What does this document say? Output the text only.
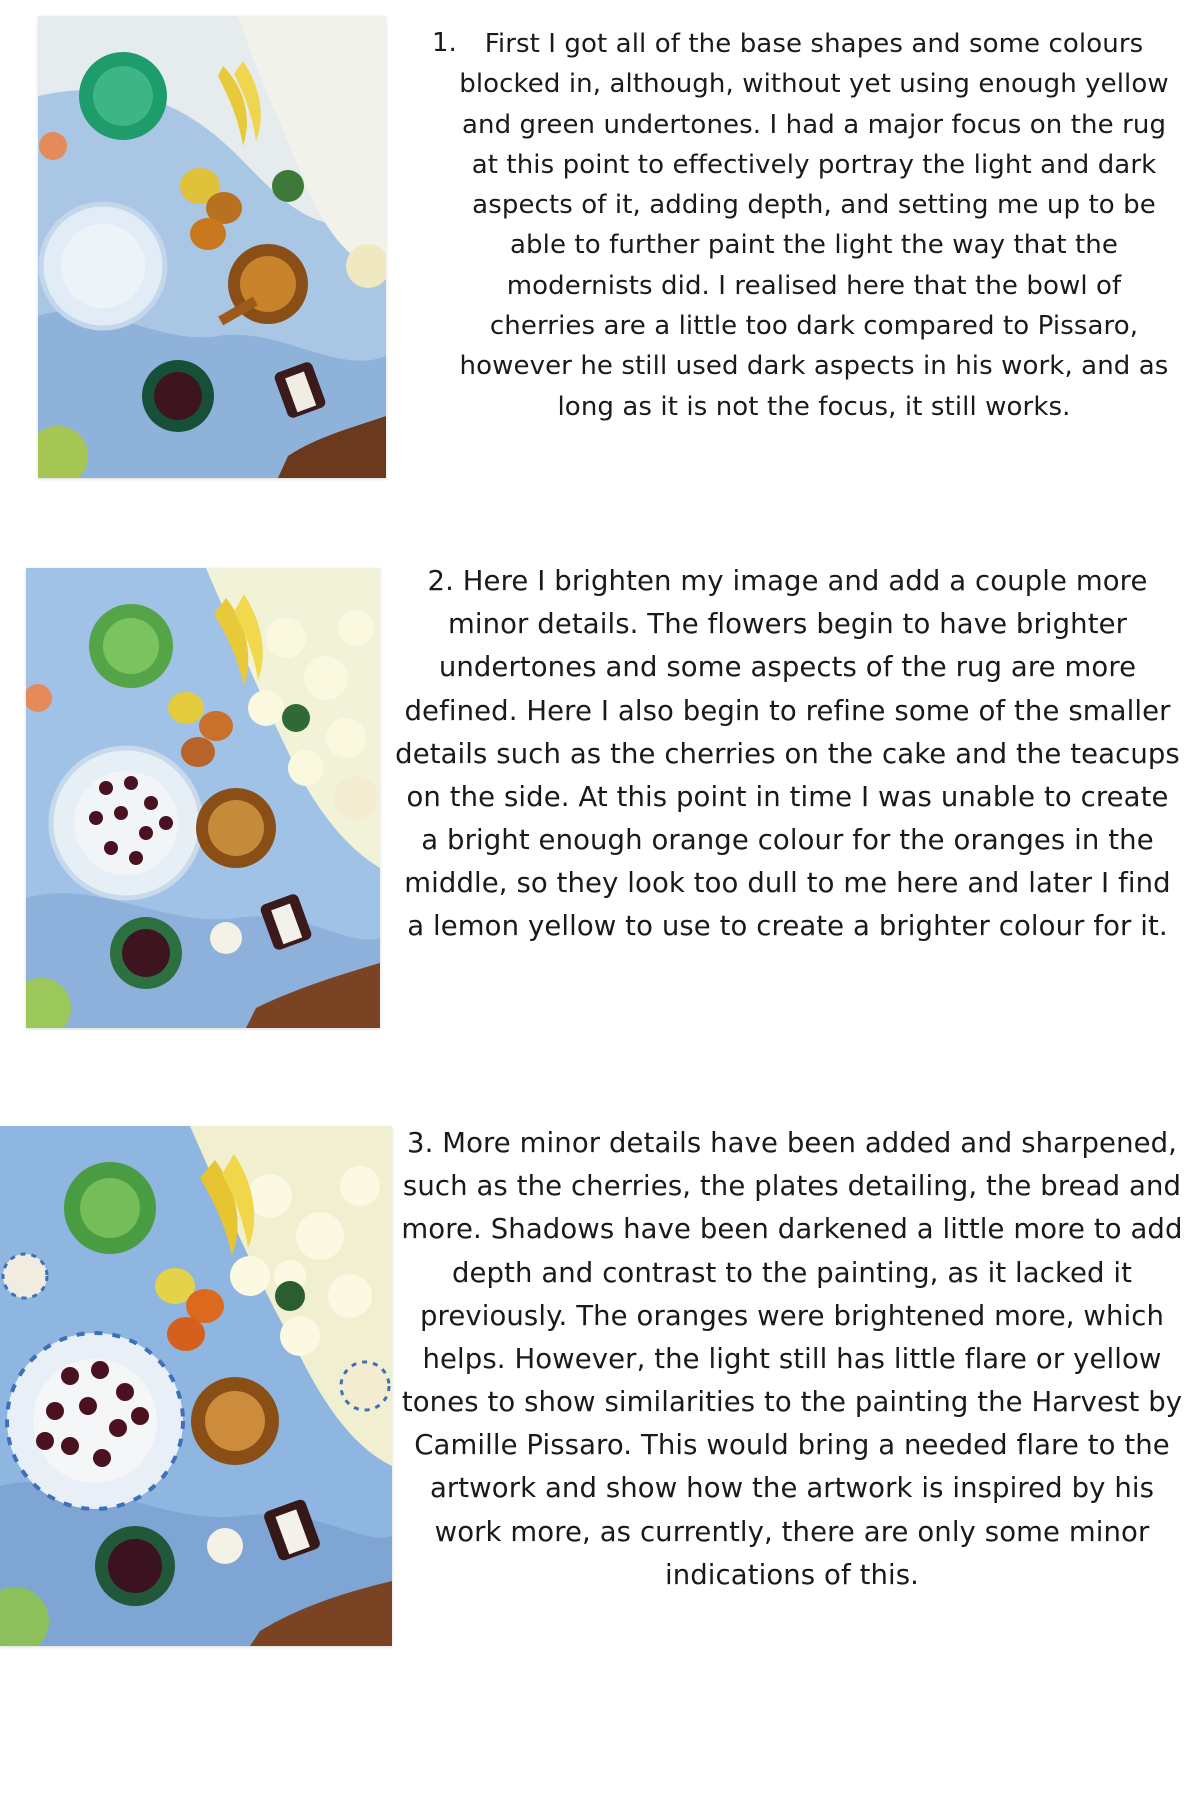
1.	First I got all of the base shapes and some colours blocked in, although, without yet using enough yellow and green undertones. I had a major focus on the rug at this point to effectively portray the light and dark aspects of it, adding depth, and setting me up to be able to further paint the light the way that the modernists did. I realised here that the bowl of cherries are a little too dark compared to Pissaro, however he still used dark aspects in his work, and as long as it is not the focus, it still works.

2. Here I brighten my image and add a couple more minor details. The flowers begin to have brighter undertones and some aspects of the rug are more defined. Here I also begin to refine some of the smaller details such as the cherries on the cake and the teacups on the side. At this point in time I was unable to create a bright enough orange colour for the oranges in the middle, so they look too dull to me here and later I find a lemon yellow to use to create a brighter colour for it.

3. More minor details have been added and sharpened, such as the cherries, the plates detailing, the bread and more. Shadows have been darkened a little more to add depth and contrast to the painting, as it lacked it previously. The oranges were brightened more, which helps. However, the light still has little flare or yellow tones to show similarities to the painting the Harvest by Camille Pissaro. This would bring a needed flare to the artwork and show how the artwork is inspired by his work more, as currently, there are only some minor indications of this.
